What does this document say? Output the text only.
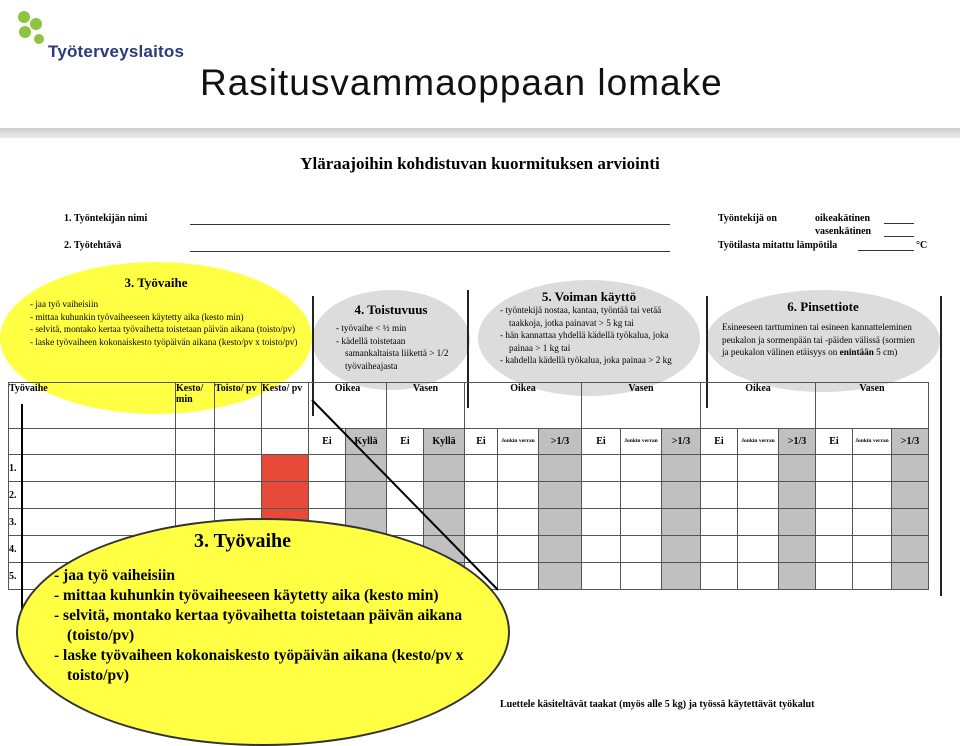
Työterveyslaitos
Rasitusvammaoppaan lomake
Yläraajoihin kohdistuvan kuormituksen arviointi
1. Työntekijän nimi
2. Työtehtävä
Työntekijä on	oikeakätinen
vasenkätinen
Työtilasta mitattu lämpötila	°C
3. Työvaihe
- jaa työ vaiheisiin
- mittaa kuhunkin työvaiheeseen käytetty aika (kesto min)
- selvitä, montako kertaa työvaihetta toistetaan päivän aikana (toisto/pv)
- laske työvaiheen kokonaiskesto työpäivän aikana (kesto/pv x toisto/pv)
4. Toistuvuus
- työvaihe < ½ min
- kädellä toistetaan samankaltaista liikettä > 1/2 työvaiheajasta
5. Voiman käyttö
- työntekijä nostaa, kantaa, työntää tai vetää taakkoja, jotka painavat > 5 kg tai
- hän kannattaa yhdellä kädellä työkalua, joka painaa > 1 kg tai
- kahdella kädellä työkalua, joka painaa > 2 kg
6. Pinsettiote
Esineeseen tarttuminen tai esineen kannatteleminen peukalon ja sormenpään tai -päiden välissä (sormien ja peukalon välinen etäisyys on enintään 5 cm)
Työvaihe	Kesto/ min	Toisto/ pv	Kesto/ pv	Oikea		Vasen		Oikea			Vasen			Oikea			Vasen		
				Ei	Kyllä	Ei	Kyllä	Ei	Jonkin verran	>1/3	Ei	Jonkin verran	>1/3	Ei	Jonkin verran	>1/3	Ei	Jonkin verran	>1/3
1.																			
2.																			
3.																			
4.																			
5.																			
Luettele käsiteltävät taakat (myös alle 5 kg) ja työssä käytettävät työkalut
3. Työvaihe
- jaa työ vaiheisiin
- mittaa kuhunkin työvaiheeseen käytetty aika (kesto min)
- selvitä, montako kertaa työvaihetta toistetaan päivän aikana (toisto/pv)
- laske työvaiheen kokonaiskesto työpäivän aikana (kesto/pv x toisto/pv)
